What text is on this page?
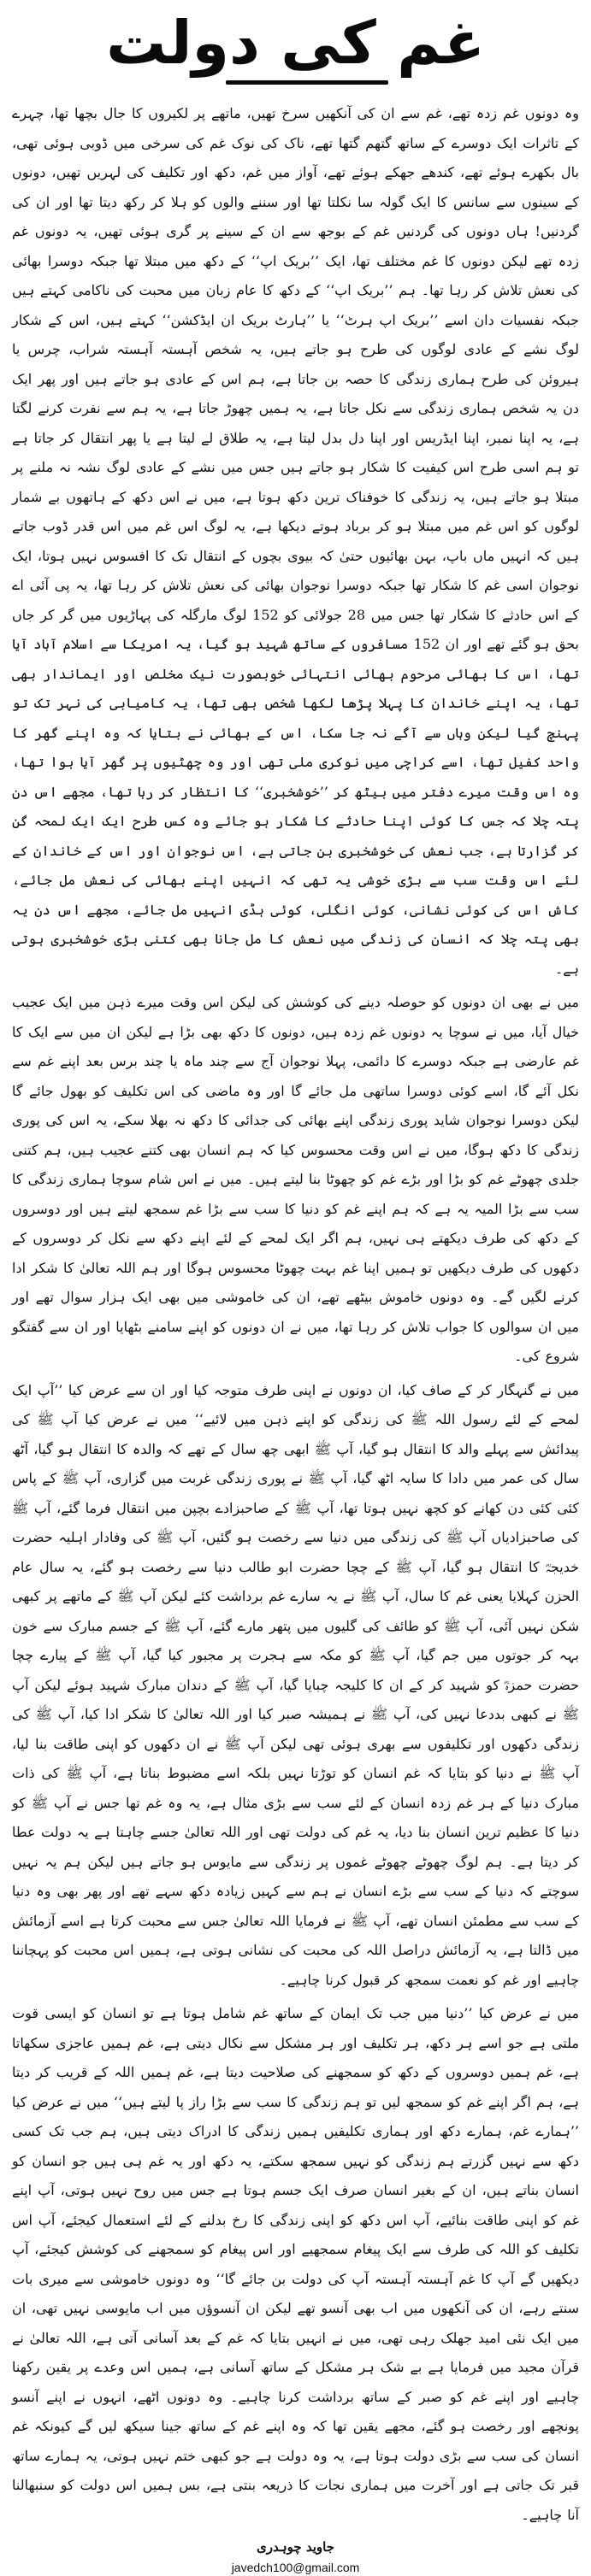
غم کی دولت

وہ دونوں غم زدہ تھے، غم سے ان کی آنکھیں سرخ تھیں، ماتھے پر لکیروں کا جال بچھا تھا، چہرے کے تاثرات ایک دوسرے کے ساتھ گتھم گتھا تھے، ناک کی نوک غم کی سرخی میں ڈوبی ہوئی تھی، بال بکھرے ہوئے تھے، کندھے جھکے ہوئے تھے، آواز میں غم، دکھ اور تکلیف کی لہریں تھیں، دونوں کے سینوں سے سانس کا ایک گولہ سا نکلتا تھا اور سننے والوں کو ہلا کر رکھ دیتا تھا اور ان کی گردنیں! ہاں دونوں کی گردنیں غم کے بوجھ سے ان کے سینے پر گری ہوئی تھیں، یہ دونوں غم زدہ تھے لیکن دونوں کا غم مختلف تھا، ایک ’’بریک اپ‘‘ کے دکھ میں مبتلا تھا جبکہ دوسرا بھائی کی نعش تلاش کر رہا تھا۔ ہم ’’بریک اپ‘‘ کے دکھ کا عام زبان میں محبت کی ناکامی کہتے ہیں جبکہ نفسیات دان اسے ’’بریک اپ ہرٹ‘‘ یا ’’ہارٹ بریک ان ایڈکشن‘‘ کہتے ہیں، اس کے شکار لوگ نشے کے عادی لوگوں کی طرح ہو جاتے ہیں، یہ شخص آہستہ آہستہ شراب، چرس یا ہیروئن کی طرح ہماری زندگی کا حصہ بن جاتا ہے، ہم اس کے عادی ہو جاتے ہیں اور پھر ایک دن یہ شخص ہماری زندگی سے نکل جاتا ہے، یہ ہمیں چھوڑ جاتا ہے، یہ ہم سے نفرت کرنے لگتا ہے، یہ اپنا نمبر، اپنا ایڈریس اور اپنا دل بدل لیتا ہے، یہ طلاق لے لیتا ہے یا پھر انتقال کر جاتا ہے تو ہم اسی طرح اس کیفیت کا شکار ہو جاتے ہیں جس میں نشے کے عادی لوگ نشہ نہ ملنے پر مبتلا ہو جاتے ہیں، یہ زندگی کا خوفناک ترین دکھ ہوتا ہے، میں نے اس دکھ کے ہاتھوں بے شمار لوگوں کو اس غم میں مبتلا ہو کر برباد ہوتے دیکھا ہے، یہ لوگ اس غم میں اس قدر ڈوب جاتے ہیں کہ انہیں ماں باپ، بہن بھائیوں حتیٰ کہ بیوی بچوں کے انتقال تک کا افسوس نہیں ہوتا، ایک نوجوان اسی غم کا شکار تھا جبکہ دوسرا نوجوان بھائی کی نعش تلاش کر رہا تھا، یہ پی آئی اے کے اس حادثے کا شکار تھا جس میں 28 جولائی کو 152 لوگ مارگلہ کی پہاڑیوں میں گر کر جاں بحق ہو گئے تھے اور ان 152 مسافروں کے ساتھ شہید ہو گیا، یہ امریکا سے اسلام آباد آیا تھا، اس کا بھائی مرحوم بھائی انتہائی خوبصورت نیک مخلص اور ایماندار بھی تھا، یہ اپنے خاندان کا پہلا پڑھا لکھا شخص بھی تھا، یہ کامیابی کی نہر تک تو پہنچ گیا لیکن وہاں سے آگے نہ جا سکا، اس کے بھائی نے بتایا کہ وہ اپنے گھر کا واحد کفیل تھا، اسے کراچی میں نوکری ملی تھی اور وہ چھٹیوں پر گھر آیا ہوا تھا، وہ اس وقت میرے دفتر میں بیٹھ کر ’’خوشخبری‘‘ کا انتظار کر رہا تھا، مجھے اس دن پتہ چلا کہ جس کا کوئی اپنا حادثے کا شکار ہو جائے وہ کس طرح ایک ایک لمحہ گن کر گزارتا ہے، جب نعش کی خوشخبری بن جاتی ہے، اس نوجوان اور اس کے خاندان کے لئے اس وقت سب سے بڑی خوشی یہ تھی کہ انہیں اپنے بھائی کی نعش مل جائے، کاش اس کی کوئی نشانی، کوئی انگلی، کوئی ہڈی انہیں مل جائے، مجھے اس دن یہ بھی پتہ چلا کہ انسان کی زندگی میں نعش کا مل جانا بھی کتنی بڑی خوشخبری ہوتی ہے۔

میں نے بھی ان دونوں کو حوصلہ دینے کی کوشش کی لیکن اس وقت میرے ذہن میں ایک عجیب خیال آیا، میں نے سوچا یہ دونوں غم زدہ ہیں، دونوں کا دکھ بھی بڑا ہے لیکن ان میں سے ایک کا غم عارضی ہے جبکہ دوسرے کا دائمی، پہلا نوجوان آج سے چند ماہ یا چند برس بعد اپنے غم سے نکل آئے گا، اسے کوئی دوسرا ساتھی مل جائے گا اور وہ ماضی کی اس تکلیف کو بھول جائے گا لیکن دوسرا نوجوان شاید پوری زندگی اپنے بھائی کی جدائی کا دکھ نہ بھلا سکے، یہ اس کی پوری زندگی کا دکھ ہوگا، میں نے اس وقت محسوس کیا کہ ہم انسان بھی کتنے عجیب ہیں، ہم کتنی جلدی چھوٹے غم کو بڑا اور بڑے غم کو چھوٹا بنا لیتے ہیں۔ میں نے اس شام سوچا ہماری زندگی کا سب سے بڑا المیہ یہ ہے کہ ہم اپنے غم کو دنیا کا سب سے بڑا غم سمجھ لیتے ہیں اور دوسروں کے دکھ کی طرف دیکھتے ہی نہیں، ہم اگر ایک لمحے کے لئے اپنے دکھ سے نکل کر دوسروں کے دکھوں کی طرف دیکھیں تو ہمیں اپنا غم بہت چھوٹا محسوس ہوگا اور ہم اللہ تعالیٰ کا شکر ادا کرنے لگیں گے۔ وہ دونوں خاموش بیٹھے تھے، ان کی خاموشی میں بھی ایک ہزار سوال تھے اور میں ان سوالوں کا جواب تلاش کر رہا تھا، میں نے ان دونوں کو اپنے سامنے بٹھایا اور ان سے گفتگو شروع کی۔

میں نے گنہگار کر کے صاف کیا، ان دونوں نے اپنی طرف متوجہ کیا اور ان سے عرض کیا ’’آپ ایک لمحے کے لئے رسول اللہ ﷺ کی زندگی کو اپنے ذہن میں لائیے‘‘ میں نے عرض کیا آپ ﷺ کی پیدائش سے پہلے والد کا انتقال ہو گیا، آپ ﷺ ابھی چھ سال کے تھے کہ والدہ کا انتقال ہو گیا، آٹھ سال کی عمر میں دادا کا سایہ اٹھ گیا، آپ ﷺ نے پوری زندگی غربت میں گزاری، آپ ﷺ کے پاس کئی کئی دن کھانے کو کچھ نہیں ہوتا تھا، آپ ﷺ کے صاحبزادے بچپن میں انتقال فرما گئے، آپ ﷺ کی صاحبزادیاں آپ ﷺ کی زندگی میں دنیا سے رخصت ہو گئیں، آپ ﷺ کی وفادار اہلیہ حضرت خدیجہؓ کا انتقال ہو گیا، آپ ﷺ کے چچا حضرت ابو طالب دنیا سے رخصت ہو گئے، یہ سال عام الحزن کہلایا یعنی غم کا سال، آپ ﷺ نے یہ سارے غم برداشت کئے لیکن آپ ﷺ کے ماتھے پر کبھی شکن نہیں آئی، آپ ﷺ کو طائف کی گلیوں میں پتھر مارے گئے، آپ ﷺ کے جسم مبارک سے خون بہہ کر جوتوں میں جم گیا، آپ ﷺ کو مکہ سے ہجرت پر مجبور کیا گیا، آپ ﷺ کے پیارے چچا حضرت حمزہؓ کو شہید کر کے ان کا کلیجہ چبایا گیا، آپ ﷺ کے دندان مبارک شہید ہوئے لیکن آپ ﷺ نے کبھی بددعا نہیں کی، آپ ﷺ نے ہمیشہ صبر کیا اور اللہ تعالیٰ کا شکر ادا کیا، آپ ﷺ کی زندگی دکھوں اور تکلیفوں سے بھری ہوئی تھی لیکن آپ ﷺ نے ان دکھوں کو اپنی طاقت بنا لیا، آپ ﷺ نے دنیا کو بتایا کہ غم انسان کو توڑتا نہیں بلکہ اسے مضبوط بناتا ہے، آپ ﷺ کی ذات مبارک دنیا کے ہر غم زدہ انسان کے لئے سب سے بڑی مثال ہے، یہ وہ غم تھا جس نے آپ ﷺ کو دنیا کا عظیم ترین انسان بنا دیا، یہ غم کی دولت تھی اور اللہ تعالیٰ جسے چاہتا ہے یہ دولت عطا کر دیتا ہے۔ ہم لوگ چھوٹے چھوٹے غموں پر زندگی سے مایوس ہو جاتے ہیں لیکن ہم یہ نہیں سوچتے کہ دنیا کے سب سے بڑے انسان نے ہم سے کہیں زیادہ دکھ سہے تھے اور پھر بھی وہ دنیا کے سب سے مطمئن انسان تھے، آپ ﷺ نے فرمایا اللہ تعالیٰ جس سے محبت کرتا ہے اسے آزمائش میں ڈالتا ہے، یہ آزمائش دراصل اللہ کی محبت کی نشانی ہوتی ہے، ہمیں اس محبت کو پہچاننا چاہیے اور غم کو نعمت سمجھ کر قبول کرنا چاہیے۔

میں نے عرض کیا ’’دنیا میں جب تک ایمان کے ساتھ غم شامل ہوتا ہے تو انسان کو ایسی قوت ملتی ہے جو اسے ہر دکھ، ہر تکلیف اور ہر مشکل سے نکال دیتی ہے، غم ہمیں عاجزی سکھاتا ہے، غم ہمیں دوسروں کے دکھ کو سمجھنے کی صلاحیت دیتا ہے، غم ہمیں اللہ کے قریب کر دیتا ہے، ہم اگر اپنے غم کو سمجھ لیں تو ہم زندگی کا سب سے بڑا راز پا لیتے ہیں‘‘ میں نے عرض کیا ’’ہمارے غم، ہمارے دکھ اور ہماری تکلیفیں ہمیں زندگی کا ادراک دیتی ہیں، ہم جب تک کسی دکھ سے نہیں گزرتے ہم زندگی کو نہیں سمجھ سکتے، یہ دکھ اور یہ غم ہی ہیں جو انسان کو انسان بناتے ہیں، ان کے بغیر انسان صرف ایک جسم ہوتا ہے جس میں روح نہیں ہوتی، آپ اپنے غم کو اپنی طاقت بنائیے، آپ اس دکھ کو اپنی زندگی کا رخ بدلنے کے لئے استعمال کیجئے، آپ اس تکلیف کو اللہ کی طرف سے ایک پیغام سمجھیے اور اس پیغام کو سمجھنے کی کوشش کیجئے، آپ دیکھیں گے آپ کا غم آہستہ آہستہ آپ کی دولت بن جائے گا‘‘ وہ دونوں خاموشی سے میری بات سنتے رہے، ان کی آنکھوں میں اب بھی آنسو تھے لیکن ان آنسوؤں میں اب مایوسی نہیں تھی، ان میں ایک نئی امید جھلک رہی تھی، میں نے انہیں بتایا کہ غم کے بعد آسانی آتی ہے، اللہ تعالیٰ نے قرآن مجید میں فرمایا ہے بے شک ہر مشکل کے ساتھ آسانی ہے، ہمیں اس وعدے پر یقین رکھنا چاہیے اور اپنے غم کو صبر کے ساتھ برداشت کرنا چاہیے۔ وہ دونوں اٹھے، انہوں نے اپنے آنسو پونچھے اور رخصت ہو گئے، مجھے یقین تھا کہ وہ اپنے غم کے ساتھ جینا سیکھ لیں گے کیونکہ غم انسان کی سب سے بڑی دولت ہوتا ہے، یہ وہ دولت ہے جو کبھی ختم نہیں ہوتی، یہ ہمارے ساتھ قبر تک جاتی ہے اور آخرت میں ہماری نجات کا ذریعہ بنتی ہے، بس ہمیں اس دولت کو سنبھالنا آنا چاہیے۔

جاوید چوہدری
javedch100@gmail.com
